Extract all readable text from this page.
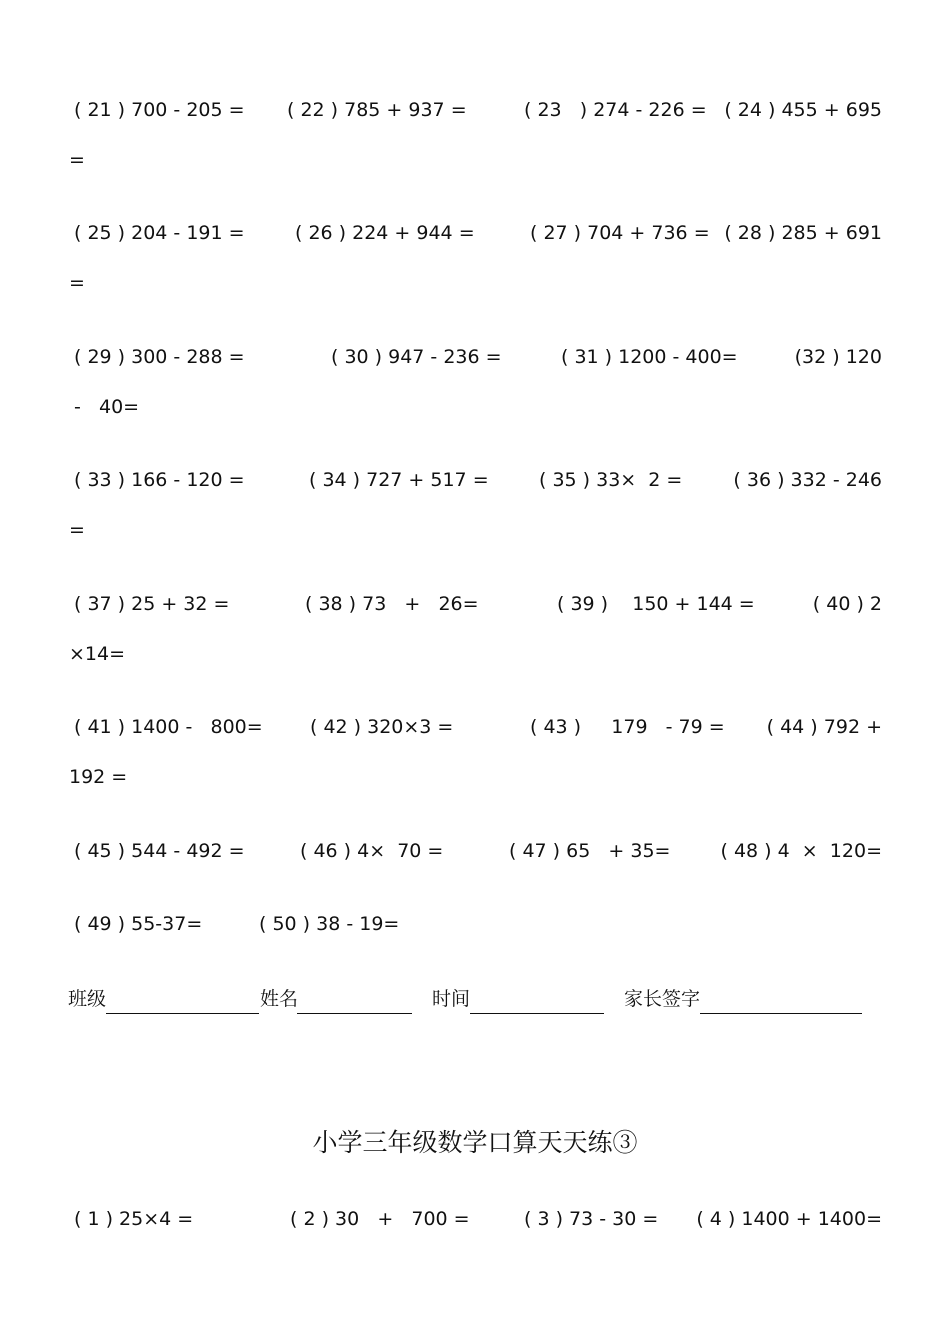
( 21 ) 700 - 205 = ( 22 ) 785 + 937 =	( 23   ) 274 - 226 = ( 24 ) 455 + 695
=
( 25 ) 204 - 191 =	( 26 ) 224 + 944 =	( 27 ) 704 + 736 = ( 28 ) 285 + 691
=
( 29 ) 300 - 288 =	( 30 ) 947 - 236 =	( 31 ) 1200 - 400=	(32 ) 120
-   40=
( 33 ) 166 - 120 =	( 34 ) 727 + 517 =	( 35 ) 33×  2 =	( 36 ) 332 - 246
=
( 37 ) 25 + 32 =	( 38 ) 73   +   26=	( 39 )    150 + 144 =	( 40 ) 2
×14=
( 41 ) 1400 -   800= ( 42 ) 320×3 =	( 43 )     179   - 79 = ( 44 ) 792 +
192 =
( 45 ) 544 - 492 =	( 46 ) 4×  70 =	( 47 ) 65   + 35=	( 48 ) 4  ×  120=
( 49 ) 55-37=	( 50 ) 38 - 19=
班级	姓名	时间	家长签字
小学三年级数学口算天天练③
( 1 ) 25×4 =	( 2 ) 30   +   700 =	( 3 ) 73 - 30 = ( 4 ) 1400 + 1400=
